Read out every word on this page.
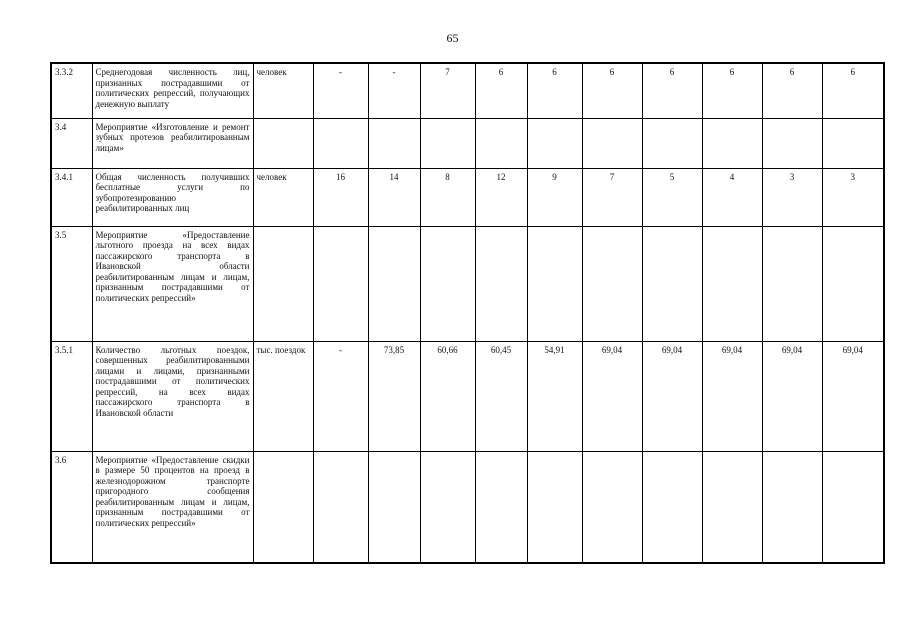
65
3.3.2	Среднегодовая численность лиц, признанных пострадавшими от политических репрессий, получающих денежную выплату	человек	-	-	7	6	6	6	6	6	6	6
3.4	Мероприятие «Изготовление и ремонт зубных протезов реабилитированным лицам»											
3.4.1	Общая численность получивших бесплатные услуги по зубопротезированию реабилитированных лиц	человек	16	14	8	12	9	7	5	4	3	3
3.5	Мероприятие «Предоставление льготного проезда на всех видах пассажирского транспорта в Ивановской области реабилитированным лицам и лицам, признанным пострадавшими от политических репрессий»											
3.5.1	Количество льготных поездок, совершенных реабилитированными лицами и лицами, признанными пострадавшими от политических репрессий, на всех видах пассажирского транспорта в Ивановской области	тыс. поездок	-	73,85	60,66	60,45	54,91	69,04	69,04	69,04	69,04	69,04
3.6	Мероприятие «Предоставление скидки в размере 50 процентов на проезд в железнодорожном транспорте пригородного сообщения реабилитированным лицам и лицам, признанным пострадавшими от политических репрессий»											
